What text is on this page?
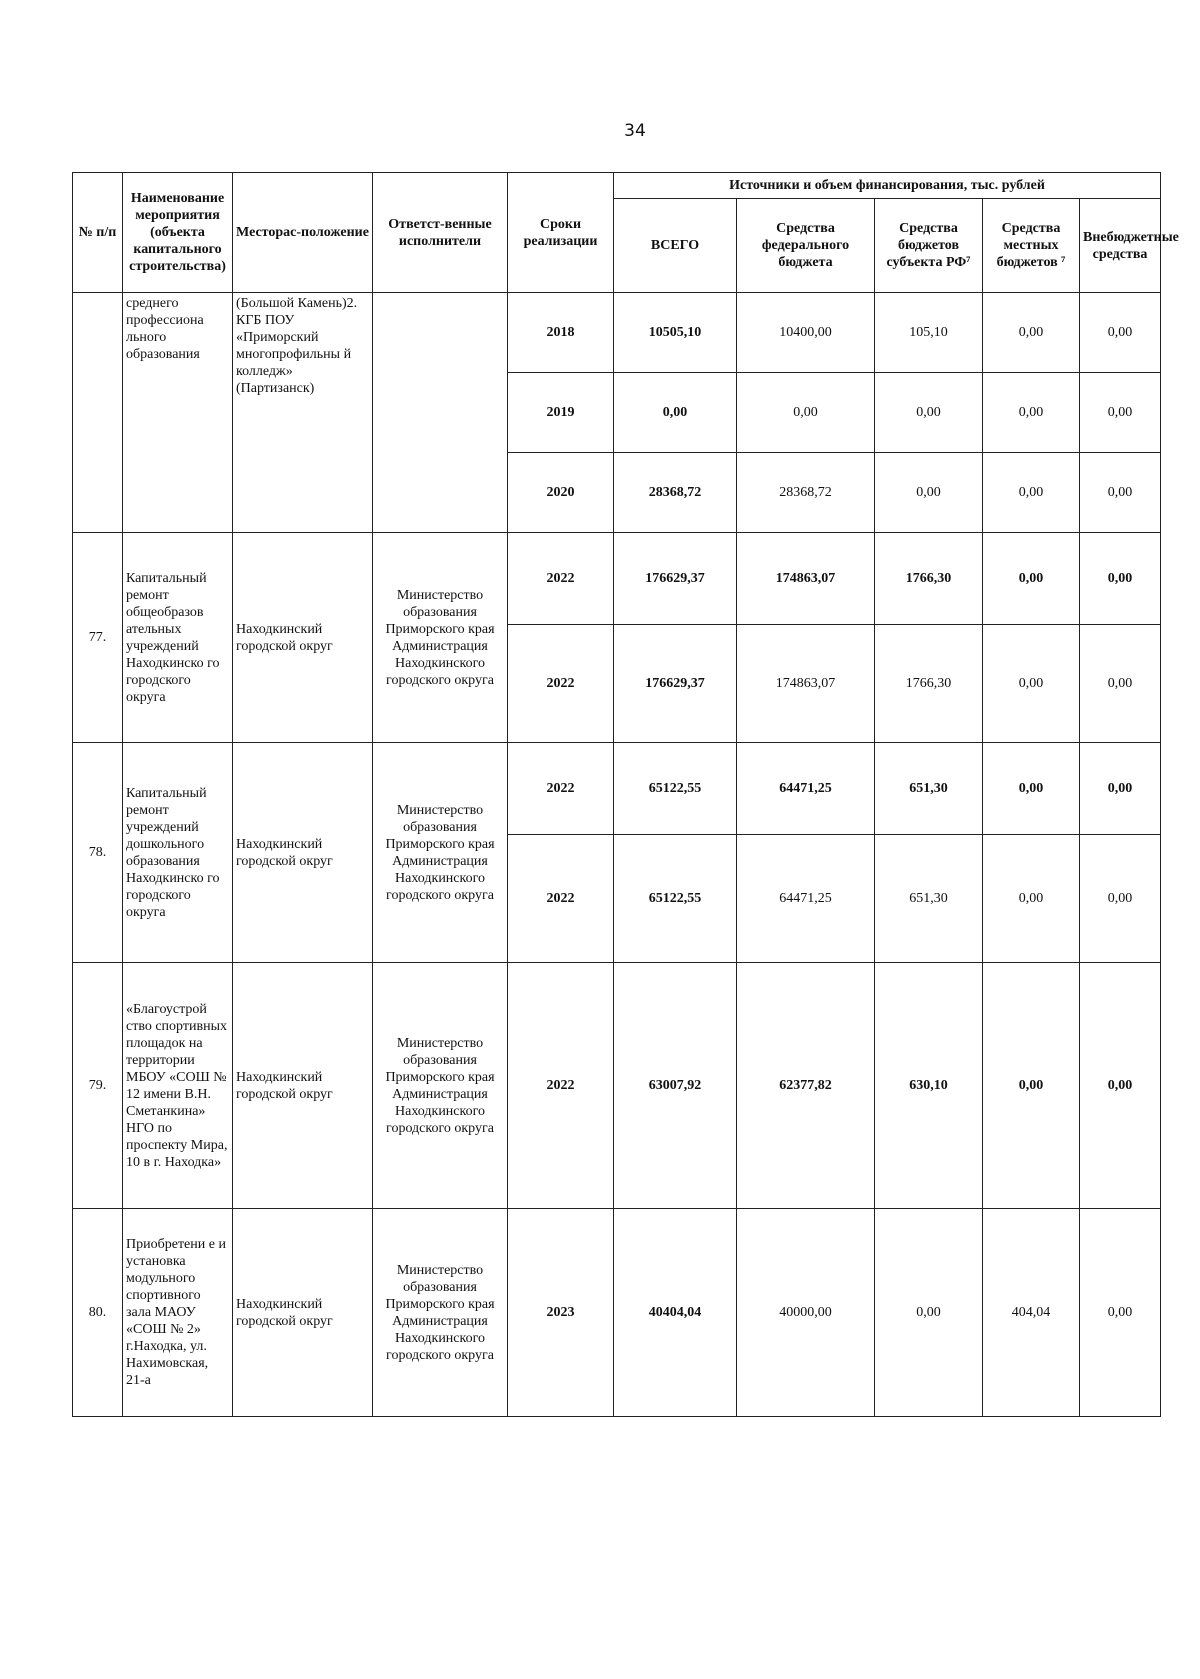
34
№ п/п	Наименование мероприятия (объекта капитального строительства)	Месторас-положение	Ответст-венные исполнители	Сроки реализации	Источники и объем финансирования, тыс. рублей				
					ВСЕГО	Средства федерального бюджета	Средства бюджетов субъекта РФ⁷	Средства местных бюджетов ⁷	Внебюджетные средства
	среднего профессиона льного образования	(Большой Камень)2. КГБ ПОУ «Приморский многопрофильны й колледж» (Партизанск)		2018	10505,10	10400,00	105,10	0,00	0,00
				2019	0,00	0,00	0,00	0,00	0,00
				2020	28368,72	28368,72	0,00	0,00	0,00
77.	Капитальный ремонт общеобразов ательных учреждений Находкинско го городского округа	Находкинский городской округ	Министерство образования Приморского края Администрация Находкинского городского округа	2022	176629,37	174863,07	1766,30	0,00	0,00
				2022	176629,37	174863,07	1766,30	0,00	0,00
78.	Капитальный ремонт учреждений дошкольного образования Находкинско го городского округа	Находкинский городской округ	Министерство образования Приморского края Администрация Находкинского городского округа	2022	65122,55	64471,25	651,30	0,00	0,00
				2022	65122,55	64471,25	651,30	0,00	0,00
79.	«Благоустрой ство спортивных площадок на территории МБОУ «СОШ № 12 имени В.Н. Сметанкина» НГО по проспекту Мира, 10 в г. Находка»	Находкинский городской округ	Министерство образования Приморского края Администрация Находкинского городского округа	2022	63007,92	62377,82	630,10	0,00	0,00
80.	Приобретени е и установка модульного спортивного зала МАОУ «СОШ № 2» г.Находка, ул. Нахимовская, 21-а	Находкинский городской округ	Министерство образования Приморского края Администрация Находкинского городского округа	2023	40404,04	40000,00	0,00	404,04	0,00
